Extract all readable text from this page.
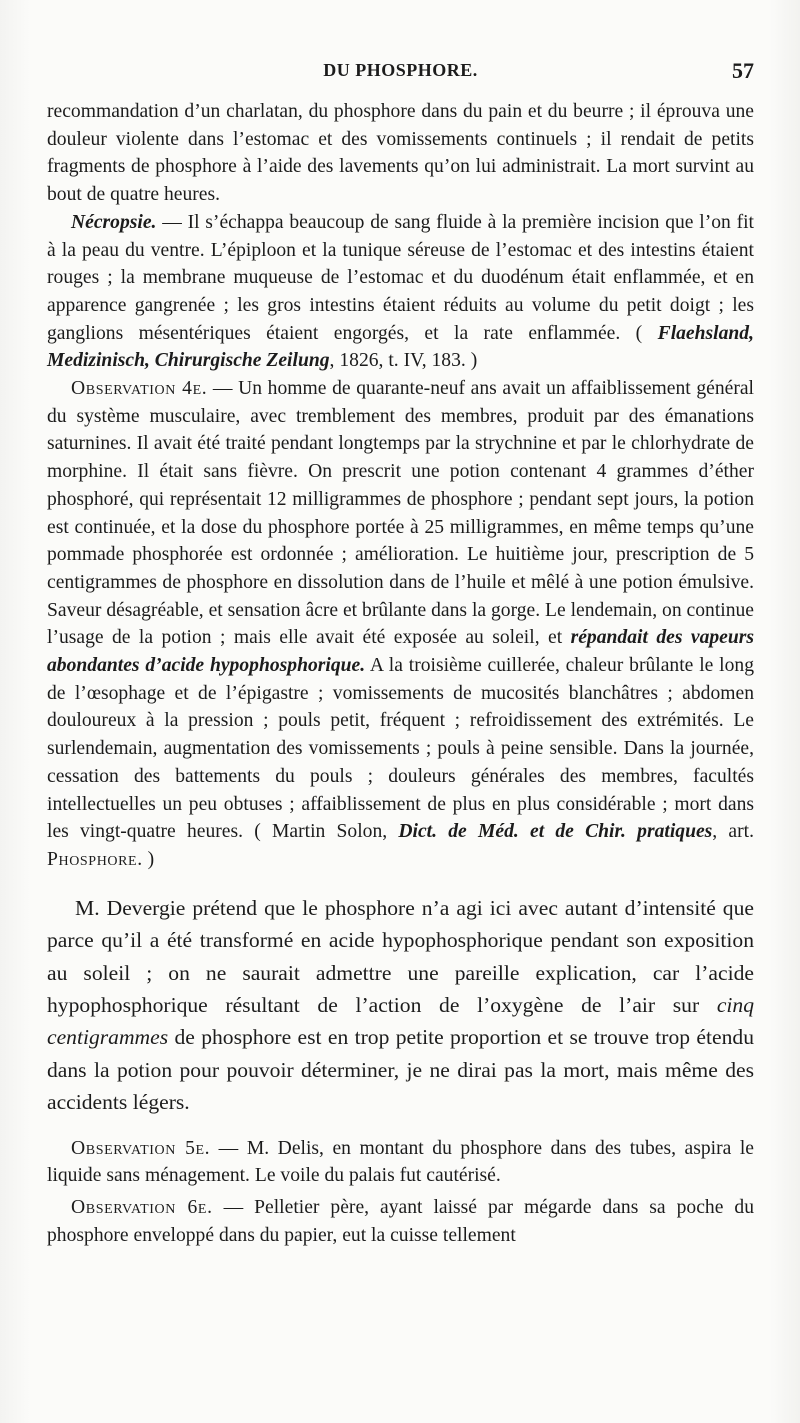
DU PHOSPHORE.	57

recommandation d’un charlatan, du phosphore dans du pain et du beurre ; il éprouva une douleur violente dans l’estomac et des vomissements continuels ; il rendait de petits fragments de phosphore à l’aide des lavements qu’on lui administrait. La mort survint au bout de quatre heures.

Nécropsie. — Il s’échappa beaucoup de sang fluide à la première incision que l’on fit à la peau du ventre. L’épiploon et la tunique séreuse de l’estomac et des intestins étaient rouges ; la membrane muqueuse de l’estomac et du duodénum était enflammée, et en apparence gangrenée ; les gros intestins étaient réduits au volume du petit doigt ; les ganglions mésentériques étaient engorgés, et la rate enflammée. ( Flaehsland, Medizinisch, Chirurgische Zeilung, 1826, t. IV, 183. )

Observation 4e. — Un homme de quarante-neuf ans avait un affaiblissement général du système musculaire, avec tremblement des membres, produit par des émanations saturnines. Il avait été traité pendant longtemps par la strychnine et par le chlorhydrate de morphine. Il était sans fièvre. On prescrit une potion contenant 4 grammes d’éther phosphoré, qui représentait 12 milligrammes de phosphore ; pendant sept jours, la potion est continuée, et la dose du phosphore portée à 25 milligrammes, en même temps qu’une pommade phosphorée est ordonnée ; amélioration. Le huitième jour, prescription de 5 centigrammes de phosphore en dissolution dans de l’huile et mêlé à une potion émulsive. Saveur désagréable, et sensation âcre et brûlante dans la gorge. Le lendemain, on continue l’usage de la potion ; mais elle avait été exposée au soleil, et répandait des vapeurs abondantes d’acide hypophosphorique. A la troisième cuillerée, chaleur brûlante le long de l’œsophage et de l’épigastre ; vomissements de mucosités blanchâtres ; abdomen douloureux à la pression ; pouls petit, fréquent ; refroidissement des extrémités. Le surlendemain, augmentation des vomissements ; pouls à peine sensible. Dans la journée, cessation des battements du pouls ; douleurs générales des membres, facultés intellectuelles un peu obtuses ; affaiblissement de plus en plus considérable ; mort dans les vingt-quatre heures. ( Martin Solon, Dict. de Méd. et de Chir. pratiques, art. Phosphore. )

M. Devergie prétend que le phosphore n’a agi ici avec autant d’intensité que parce qu’il a été transformé en acide hypophosphorique pendant son exposition au soleil ; on ne saurait admettre une pareille explication, car l’acide hypophosphorique résultant de l’action de l’oxygène de l’air sur cinq centigrammes de phosphore est en trop petite proportion et se trouve trop étendu dans la potion pour pouvoir déterminer, je ne dirai pas la mort, mais même des accidents légers.

Observation 5e. — M. Delis, en montant du phosphore dans des tubes, aspira le liquide sans ménagement. Le voile du palais fut cautérisé.

Observation 6e. — Pelletier père, ayant laissé par mégarde dans sa poche du phosphore enveloppé dans du papier, eut la cuisse tellement
